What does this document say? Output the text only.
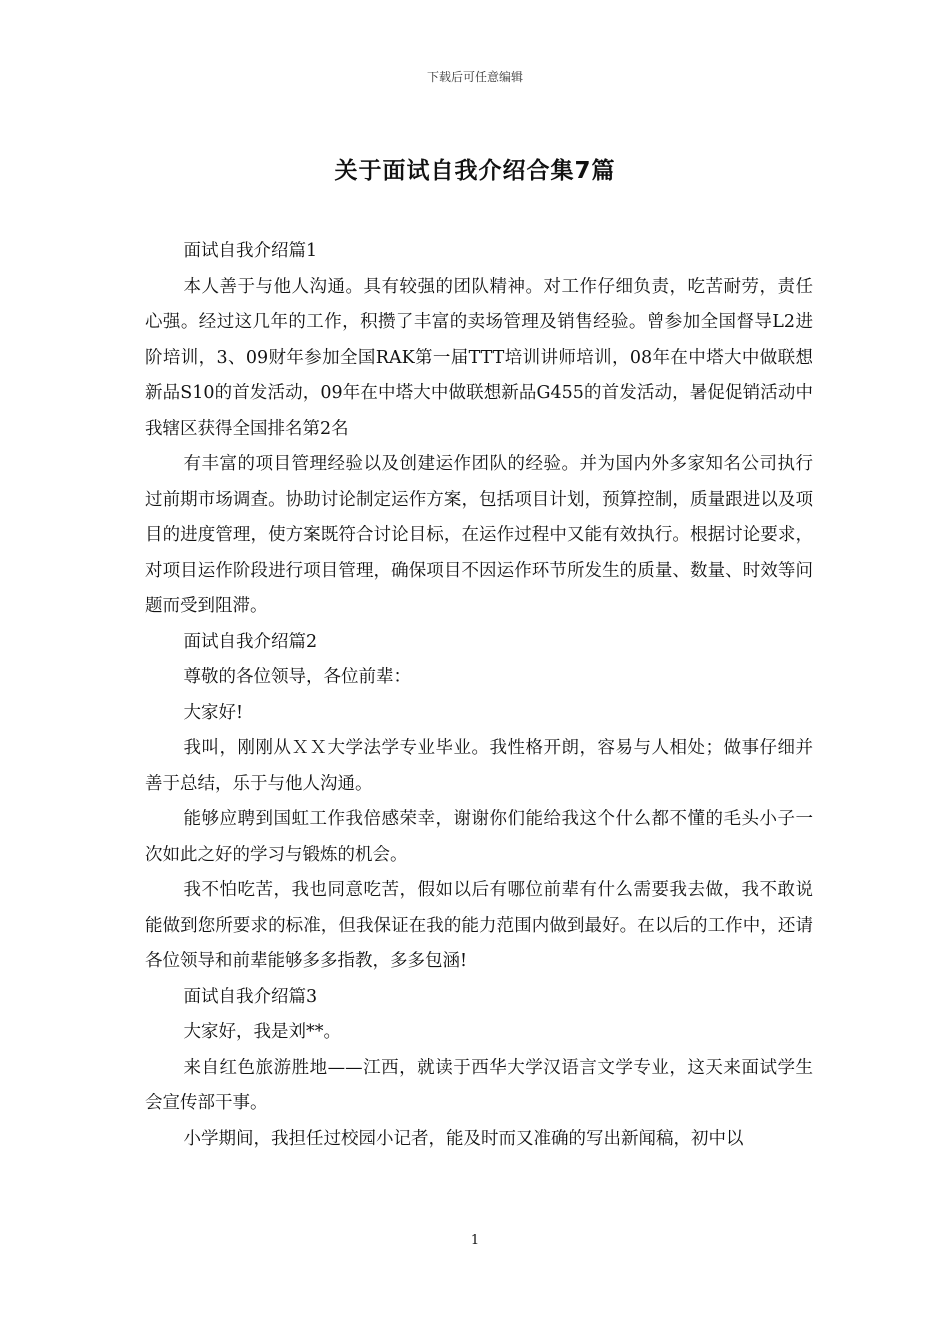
下载后可任意编辑
关于面试自我介绍合集7篇

面试自我介绍篇1

本人善于与他人沟通。具有较强的团队精神。对工作仔细负责，吃苦耐劳，责任心强。经过这几年的工作，积攒了丰富的卖场管理及销售经验。曾参加全国督导L2进阶培训，3、09财年参加全国RAK第一届TTT培训讲师培训，08年在中塔大中做联想新品S10的首发活动，09年在中塔大中做联想新品G455的首发活动，暑促促销活动中我辖区获得全国排名第2名

有丰富的项目管理经验以及创建运作团队的经验。并为国内外多家知名公司执行过前期市场调查。协助讨论制定运作方案，包括项目计划，预算控制，质量跟进以及项目的进度管理，使方案既符合讨论目标，在运作过程中又能有效执行。根据讨论要求，对项目运作阶段进行项目管理，确保项目不因运作环节所发生的质量、数量、时效等问题而受到阻滞。

面试自我介绍篇2

尊敬的各位领导，各位前辈：

大家好!

我叫，刚刚从ＸＸ大学法学专业毕业。我性格开朗，容易与人相处；做事仔细并善于总结，乐于与他人沟通。

能够应聘到国虹工作我倍感荣幸，谢谢你们能给我这个什么都不懂的毛头小子一次如此之好的学习与锻炼的机会。

我不怕吃苦，我也同意吃苦，假如以后有哪位前辈有什么需要我去做，我不敢说能做到您所要求的标准，但我保证在我的能力范围内做到最好。在以后的工作中，还请各位领导和前辈能够多多指教，多多包涵!

面试自我介绍篇3

大家好，我是刘**。

来自红色旅游胜地——江西，就读于西华大学汉语言文学专业，这天来面试学生会宣传部干事。

小学期间，我担任过校园小记者，能及时而又准确的写出新闻稿，初中以

1
